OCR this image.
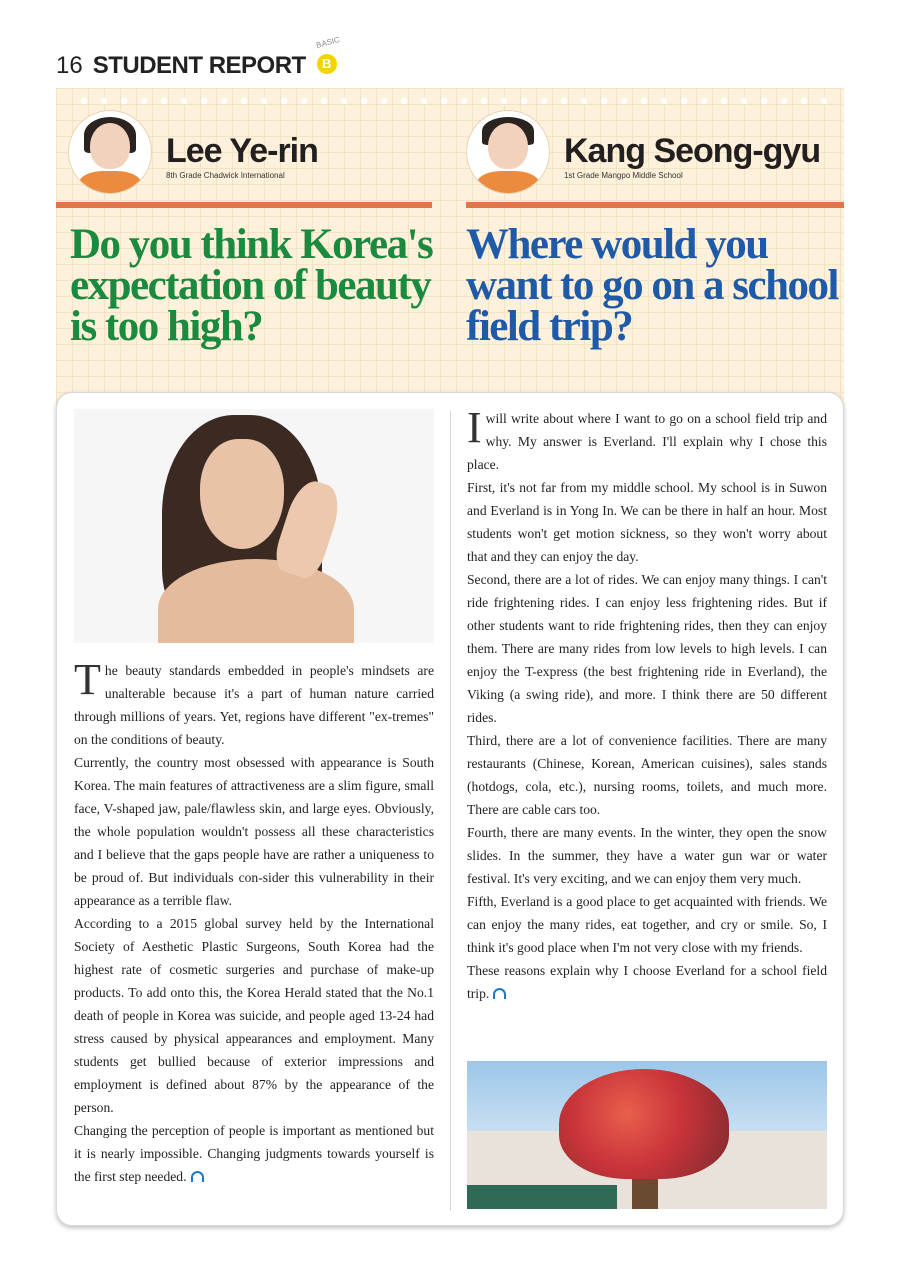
16 STUDENT REPORT
BASIC
B
Lee Ye-rin
8th Grade Chadwick International
Kang Seong-gyu
1st Grade Mangpo Middle School
Do you think Korea's expectation of beauty is too high?
Where would you want to go on a school field trip?

The beauty standards embedded in people's mindsets are unalterable because it's a part of human nature carried through millions of years. Yet, regions have different "ex-tremes" on the conditions of beauty.

Currently, the country most obsessed with appearance is South Korea. The main features of attractiveness are a slim figure, small face, V-shaped jaw, pale/flawless skin, and large eyes. Obviously, the whole population wouldn't possess all these characteristics and I believe that the gaps people have are rather a uniqueness to be proud of. But individuals con-sider this vulnerability in their appearance as a terrible flaw.

According to a 2015 global survey held by the International Society of Aesthetic Plastic Surgeons, South Korea had the highest rate of cosmetic surgeries and purchase of make-up products. To add onto this, the Korea Herald stated that the No.1 death of people in Korea was suicide, and people aged 13-24 had stress caused by physical appearances and employment. Many students get bullied because of exterior impressions and employment is defined about 87% by the appearance of the person.

Changing the perception of people is important as mentioned but it is nearly impossible. Changing judgments towards yourself is the first step needed.

I will write about where I want to go on a school field trip and why. My answer is Everland. I'll explain why I chose this place.

First, it's not far from my middle school. My school is in Suwon and Everland is in Yong In. We can be there in half an hour. Most students won't get motion sickness, so they won't worry about that and they can enjoy the day.

Second, there are a lot of rides. We can enjoy many things. I can't ride frightening rides. I can enjoy less frightening rides. But if other students want to ride frightening rides, then they can enjoy them. There are many rides from low levels to high levels. I can enjoy the T-express (the best frightening ride in Everland), the Viking (a swing ride), and more. I think there are 50 different rides.

Third, there are a lot of convenience facilities. There are many restaurants (Chinese, Korean, American cuisines), sales stands (hotdogs, cola, etc.), nursing rooms, toilets, and much more. There are cable cars too.

Fourth, there are many events. In the winter, they open the snow slides. In the summer, they have a water gun war or water festival. It's very exciting, and we can enjoy them very much.

Fifth, Everland is a good place to get acquainted with friends. We can enjoy the many rides, eat together, and cry or smile. So, I think it's good place when I'm not very close with my friends.

These reasons explain why I choose Everland for a school field trip.
